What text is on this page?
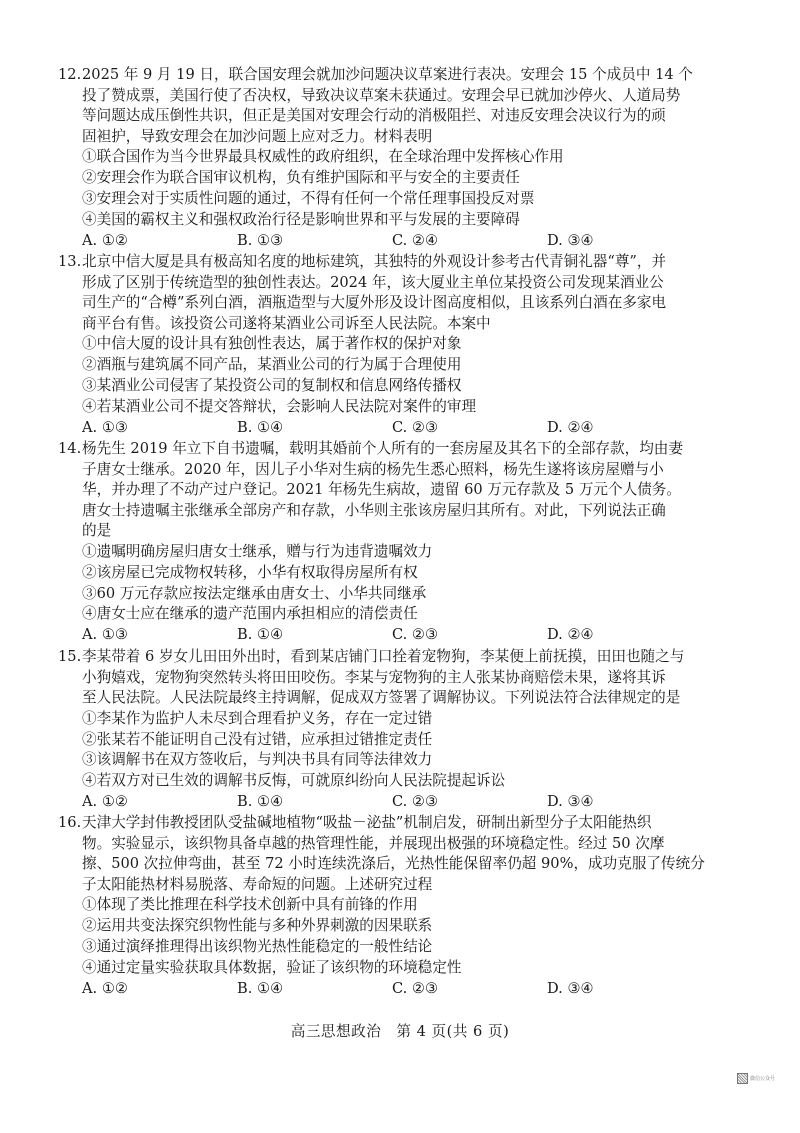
12.2025 年 9 月 19 日，联合国安理会就加沙问题决议草案进行表决。安理会 15 个成员中 14 个
投了赞成票，美国行使了否决权，导致决议草案未获通过。安理会早已就加沙停火、人道局势
等问题达成压倒性共识，但正是美国对安理会行动的消极阻拦、对违反安理会决议行为的顽
固袒护，导致安理会在加沙问题上应对乏力。材料表明
①联合国作为当今世界最具权威性的政府组织，在全球治理中发挥核心作用
②安理会作为联合国审议机构，负有维护国际和平与安全的主要责任
③安理会对于实质性问题的通过，不得有任何一个常任理事国投反对票
④美国的霸权主义和强权政治行径是影响世界和平与发展的主要障碍
A. ①②	B. ①③	C. ②④	D. ③④
13.北京中信大厦是具有极高知名度的地标建筑，其独特的外观设计参考古代青铜礼器“尊”，并
形成了区别于传统造型的独创性表达。2024 年，该大厦业主单位某投资公司发现某酒业公
司生产的“合樽”系列白酒，酒瓶造型与大厦外形及设计图高度相似，且该系列白酒在多家电
商平台有售。该投资公司遂将某酒业公司诉至人民法院。本案中
①中信大厦的设计具有独创性表达，属于著作权的保护对象
②酒瓶与建筑属不同产品，某酒业公司的行为属于合理使用
③某酒业公司侵害了某投资公司的复制权和信息网络传播权
④若某酒业公司不提交答辩状，会影响人民法院对案件的审理
A. ①③	B. ①④	C. ②③	D. ②④
14.杨先生 2019 年立下自书遗嘱，载明其婚前个人所有的一套房屋及其名下的全部存款，均由妻
子唐女士继承。2020 年，因儿子小华对生病的杨先生悉心照料，杨先生遂将该房屋赠与小
华，并办理了不动产过户登记。2021 年杨先生病故，遗留 60 万元存款及 5 万元个人债务。
唐女士持遗嘱主张继承全部房产和存款，小华则主张该房屋归其所有。对此，下列说法正确
的是
①遗嘱明确房屋归唐女士继承，赠与行为违背遗嘱效力
②该房屋已完成物权转移，小华有权取得房屋所有权
③60 万元存款应按法定继承由唐女士、小华共同继承
④唐女士应在继承的遗产范围内承担相应的清偿责任
A. ①③	B. ①④	C. ②③	D. ②④
15.李某带着 6 岁女儿田田外出时，看到某店铺门口拴着宠物狗，李某便上前抚摸，田田也随之与
小狗嬉戏，宠物狗突然转头将田田咬伤。李某与宠物狗的主人张某协商赔偿未果，遂将其诉
至人民法院。人民法院最终主持调解，促成双方签署了调解协议。下列说法符合法律规定的是
①李某作为监护人未尽到合理看护义务，存在一定过错
②张某若不能证明自己没有过错，应承担过错推定责任
③该调解书在双方签收后，与判决书具有同等法律效力
④若双方对已生效的调解书反悔，可就原纠纷向人民法院提起诉讼
A. ①②	B. ①④	C. ②③	D. ③④
16.天津大学封伟教授团队受盐碱地植物“吸盐－泌盐”机制启发，研制出新型分子太阳能热织
物。实验显示，该织物具备卓越的热管理性能，并展现出极强的环境稳定性。经过 50 次摩
擦、500 次拉伸弯曲，甚至 72 小时连续洗涤后，光热性能保留率仍超 90%，成功克服了传统分
子太阳能热材料易脱落、寿命短的问题。上述研究过程
①体现了类比推理在科学技术创新中具有前锋的作用
②运用共变法探究织物性能与多种外界刺激的因果联系
③通过演绎推理得出该织物光热性能稳定的一般性结论
④通过定量实验获取具体数据，验证了该织物的环境稳定性
A. ①②	B. ①④	C. ②③	D. ③④
高三思想政治　第 4 页(共 6 页)
微信公众号
